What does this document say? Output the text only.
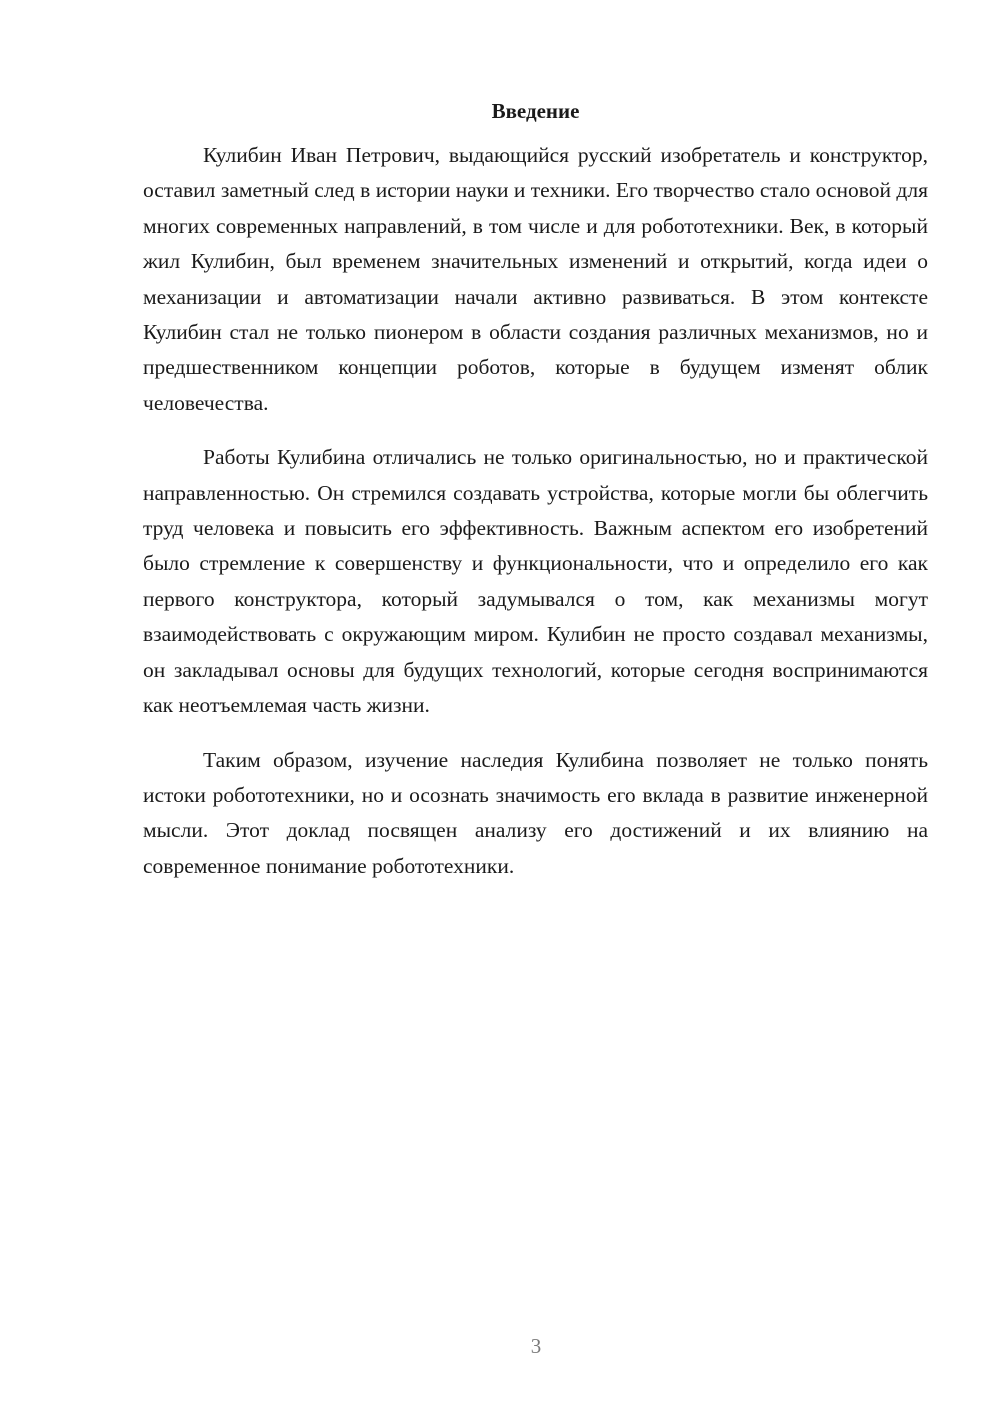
Введение

Кулибин Иван Петрович, выдающийся русский изобретатель и конструктор, оставил заметный след в истории науки и техники. Его творчество стало основой для многих современных направлений, в том числе и для робототехники. Век, в который жил Кулибин, был временем значительных изменений и открытий, когда идеи о механизации и автоматизации начали активно развиваться. В этом контексте Кулибин стал не только пионером в области создания различных механизмов, но и предшественником концепции роботов, которые в будущем изменят облик человечества.

Работы Кулибина отличались не только оригинальностью, но и практической направленностью. Он стремился создавать устройства, которые могли бы облегчить труд человека и повысить его эффективность. Важным аспектом его изобретений было стремление к совершенству и функциональности, что и определило его как первого конструктора, который задумывался о том, как механизмы могут взаимодействовать с окружающим миром. Кулибин не просто создавал механизмы, он закладывал основы для будущих технологий, которые сегодня воспринимаются как неотъемлемая часть жизни.

Таким образом, изучение наследия Кулибина позволяет не только понять истоки робототехники, но и осознать значимость его вклада в развитие инженерной мысли. Этот доклад посвящен анализу его достижений и их влиянию на современное понимание робототехники.

3
